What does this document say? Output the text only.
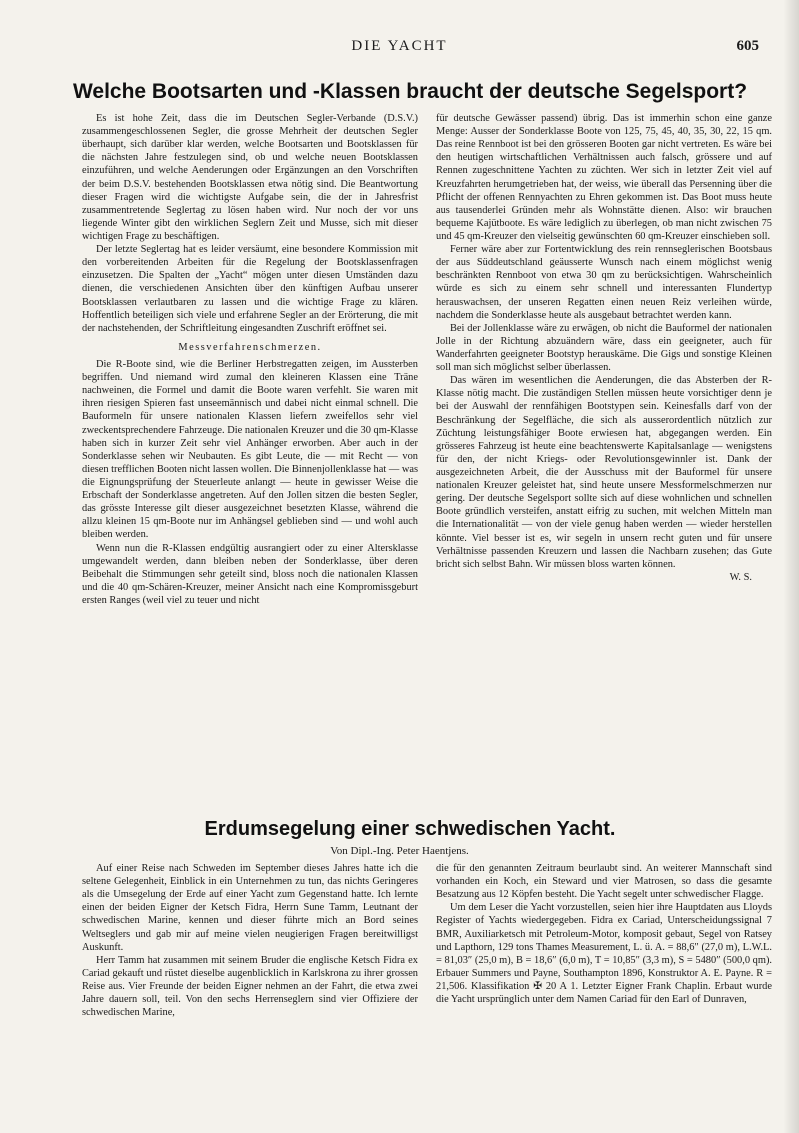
DIE YACHT	605
Welche Bootsarten und -Klassen braucht der deutsche Segelsport?

Es ist hohe Zeit, dass die im Deutschen Segler-Verbande (D.S.V.) zusammengeschlossenen Segler, die grosse Mehrheit der deutschen Segler überhaupt, sich darüber klar werden, welche Bootsarten und Bootsklassen für die nächsten Jahre festzulegen sind, ob und welche neuen Bootsklassen einzuführen, und welche Aenderungen oder Ergänzungen an den Vorschriften der beim D.S.V. bestehenden Bootsklassen etwa nötig sind. Die Beantwortung dieser Fragen wird die wichtigste Aufgabe sein, die der in Jahresfrist zusammentretende Seglertag zu lösen haben wird. Nur noch der vor uns liegende Winter gibt den wirklichen Seglern Zeit und Musse, sich mit dieser wichtigen Frage zu beschäftigen.

Der letzte Seglertag hat es leider versäumt, eine besondere Kommission mit den vorbereitenden Arbeiten für die Regelung der Bootsklassenfragen einzusetzen. Die Spalten der „Yacht“ mögen unter diesen Umständen dazu dienen, die verschiedenen Ansichten über den künftigen Aufbau unserer Bootsklassen verlautbaren zu lassen und die wichtige Frage zu klären. Hoffentlich beteiligen sich viele und erfahrene Segler an der Erörterung, die mit der nachstehenden, der Schriftleitung eingesandten Zuschrift eröffnet sei.

Messverfahrenschmerzen.

Die R-Boote sind, wie die Berliner Herbstregatten zeigen, im Aussterben begriffen. Und niemand wird zumal den kleineren Klassen eine Träne nachweinen, die Formel und damit die Boote waren verfehlt. Sie waren mit ihren riesigen Spieren fast unseemännisch und dabei nicht einmal schnell. Die Bauformeln für unsere nationalen Klassen liefern zweifellos sehr viel zweckentsprechendere Fahrzeuge. Die nationalen Kreuzer und die 30 qm-Klasse haben sich in kurzer Zeit sehr viel Anhänger erworben. Aber auch in der Sonderklasse sehen wir Neubauten. Es gibt Leute, die — mit Recht — von diesen trefflichen Booten nicht lassen wollen. Die Binnenjollenklasse hat — was die Eignungsprüfung der Steuerleute anlangt — heute in gewisser Weise die Erbschaft der Sonderklasse angetreten. Auf den Jollen sitzen die besten Segler, das grösste Interesse gilt dieser ausgezeichnet besetzten Klasse, während die allzu kleinen 15 qm-Boote nur im Anhängsel geblieben sind — und wohl auch bleiben werden.

Wenn nun die R-Klassen endgültig ausrangiert oder zu einer Altersklasse umgewandelt werden, dann bleiben neben der Sonderklasse, über deren Beibehalt die Stimmungen sehr geteilt sind, bloss noch die nationalen Klassen und die 40 qm-Schären-Kreuzer, meiner Ansicht nach eine Kompromissgeburt ersten Ranges (weil viel zu teuer und nicht

für deutsche Gewässer passend) übrig. Das ist immerhin schon eine ganze Menge: Ausser der Sonderklasse Boote von 125, 75, 45, 40, 35, 30, 22, 15 qm. Das reine Rennboot ist bei den grösseren Booten gar nicht vertreten. Es wäre bei den heutigen wirtschaftlichen Verhältnissen auch falsch, grössere und auf Rennen zugeschnittene Yachten zu züchten. Wer sich in letzter Zeit viel auf Kreuzfahrten herumgetrieben hat, der weiss, wie überall das Persenning über die Pflicht der offenen Rennyachten zu Ehren gekommen ist. Das Boot muss heute aus tausenderlei Gründen mehr als Wohnstätte dienen. Also: wir brauchen bequeme Kajütboote. Es wäre lediglich zu überlegen, ob man nicht zwischen 75 und 45 qm-Kreuzer den vielseitig gewünschten 60 qm-Kreuzer einschieben soll.

Ferner wäre aber zur Fortentwicklung des rein rennseglerischen Bootsbaus der aus Süddeutschland geäusserte Wunsch nach einem möglichst wenig beschränkten Rennboot von etwa 30 qm zu berücksichtigen. Wahrscheinlich würde es sich zu einem sehr schnell und interessanten Flundertyp herauswachsen, der unseren Regatten einen neuen Reiz verleihen würde, nachdem die Sonderklasse heute als ausgebaut betrachtet werden kann.

Bei der Jollenklasse wäre zu erwägen, ob nicht die Bauformel der nationalen Jolle in der Richtung abzuändern wäre, dass ein geeigneter, auch für Wanderfahrten geeigneter Bootstyp herauskäme. Die Gigs und sonstige Kleinen soll man sich möglichst selber überlassen.

Das wären im wesentlichen die Aenderungen, die das Absterben der R-Klasse nötig macht. Die zuständigen Stellen müssen heute vorsichtiger denn je bei der Auswahl der rennfähigen Bootstypen sein. Keinesfalls darf von der Beschränkung der Segelfläche, die sich als ausserordentlich nützlich zur Züchtung leistungsfähiger Boote erwiesen hat, abgegangen werden. Ein grösseres Fahrzeug ist heute eine beachtenswerte Kapitalsanlage — wenigstens für den, der nicht Kriegs- oder Revolutionsgewinnler ist. Dank der ausgezeichneten Arbeit, die der Ausschuss mit der Bauformel für unsere nationalen Kreuzer geleistet hat, sind heute unsere Messformelschmerzen nur gering. Der deutsche Segelsport sollte sich auf diese wohnlichen und schnellen Boote gründlich versteifen, anstatt eifrig zu suchen, mit welchen Mitteln man die Internationalität — von der viele genug haben werden — wieder herstellen könnte. Viel besser ist es, wir segeln in unsern recht guten und für unsere Verhältnisse passenden Kreuzern und lassen die Nachbarn zusehen; das Gute bricht sich selbst Bahn. Wir müssen bloss warten können.

W. S.

Erdumsegelung einer schwedischen Yacht.
Von Dipl.-Ing. Peter Haentjens.

Auf einer Reise nach Schweden im September dieses Jahres hatte ich die seltene Gelegenheit, Einblick in ein Unternehmen zu tun, das nichts Geringeres als die Umsegelung der Erde auf einer Yacht zum Gegenstand hatte. Ich lernte einen der beiden Eigner der Ketsch Fidra, Herrn Sune Tamm, Leutnant der schwedischen Marine, kennen und dieser führte mich an Bord seines Weltseglers und gab mir auf meine vielen neugierigen Fragen bereitwilligst Auskunft.

Herr Tamm hat zusammen mit seinem Bruder die englische Ketsch Fidra ex Cariad gekauft und rüstet dieselbe augenblicklich in Karlskrona zu ihrer grossen Reise aus. Vier Freunde der beiden Eigner nehmen an der Fahrt, die etwa zwei Jahre dauern soll, teil. Von den sechs Herrenseglern sind vier Offiziere der schwedischen Marine,

die für den genannten Zeitraum beurlaubt sind. An weiterer Mannschaft sind vorhanden ein Koch, ein Steward und vier Matrosen, so dass die gesamte Besatzung aus 12 Köpfen besteht. Die Yacht segelt unter schwedischer Flagge.

Um dem Leser die Yacht vorzustellen, seien hier ihre Hauptdaten aus Lloyds Register of Yachts wiedergegeben. Fidra ex Cariad, Unterscheidungssignal 7 BMR, Auxiliarketsch mit Petroleum-Motor, komposit gebaut, Segel von Ratsey und Lapthorn, 129 tons Thames Measurement, L. ü. A. = 88,6″ (27,0 m), L.W.L. = 81,03″ (25,0 m), B = 18,6″ (6,0 m), T = 10,85″ (3,3 m), S = 5480″ (500,0 qm). Erbauer Summers und Payne, Southampton 1896, Konstruktor A. E. Payne. R = 21,506. Klassifikation ✠ 20 A 1. Letzter Eigner Frank Chaplin. Erbaut wurde die Yacht ursprünglich unter dem Namen Cariad für den Earl of Dunraven,
